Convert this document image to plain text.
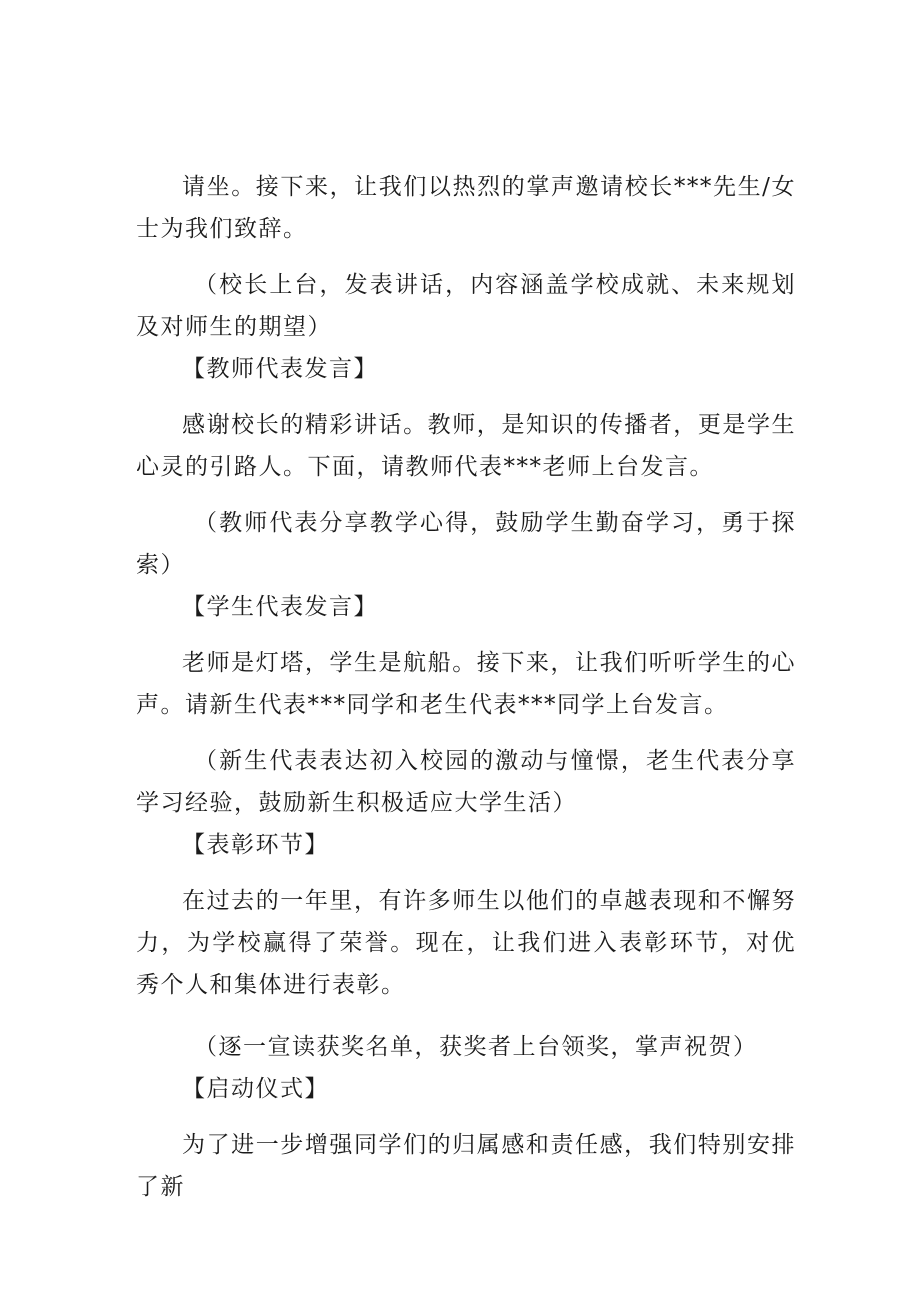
请坐。接下来，让我们以热烈的掌声邀请校长***先生/女士为我们致辞。

（校长上台，发表讲话，内容涵盖学校成就、未来规划及对师生的期望）

【教师代表发言】

感谢校长的精彩讲话。教师，是知识的传播者，更是学生心灵的引路人。下面，请教师代表***老师上台发言。

（教师代表分享教学心得，鼓励学生勤奋学习，勇于探索）

【学生代表发言】

老师是灯塔，学生是航船。接下来，让我们听听学生的心声。请新生代表***同学和老生代表***同学上台发言。

（新生代表表达初入校园的激动与憧憬，老生代表分享学习经验，鼓励新生积极适应大学生活）

【表彰环节】

在过去的一年里，有许多师生以他们的卓越表现和不懈努力，为学校赢得了荣誉。现在，让我们进入表彰环节，对优秀个人和集体进行表彰。

（逐一宣读获奖名单，获奖者上台领奖，掌声祝贺）

【启动仪式】

为了进一步增强同学们的归属感和责任感，我们特别安排了新
